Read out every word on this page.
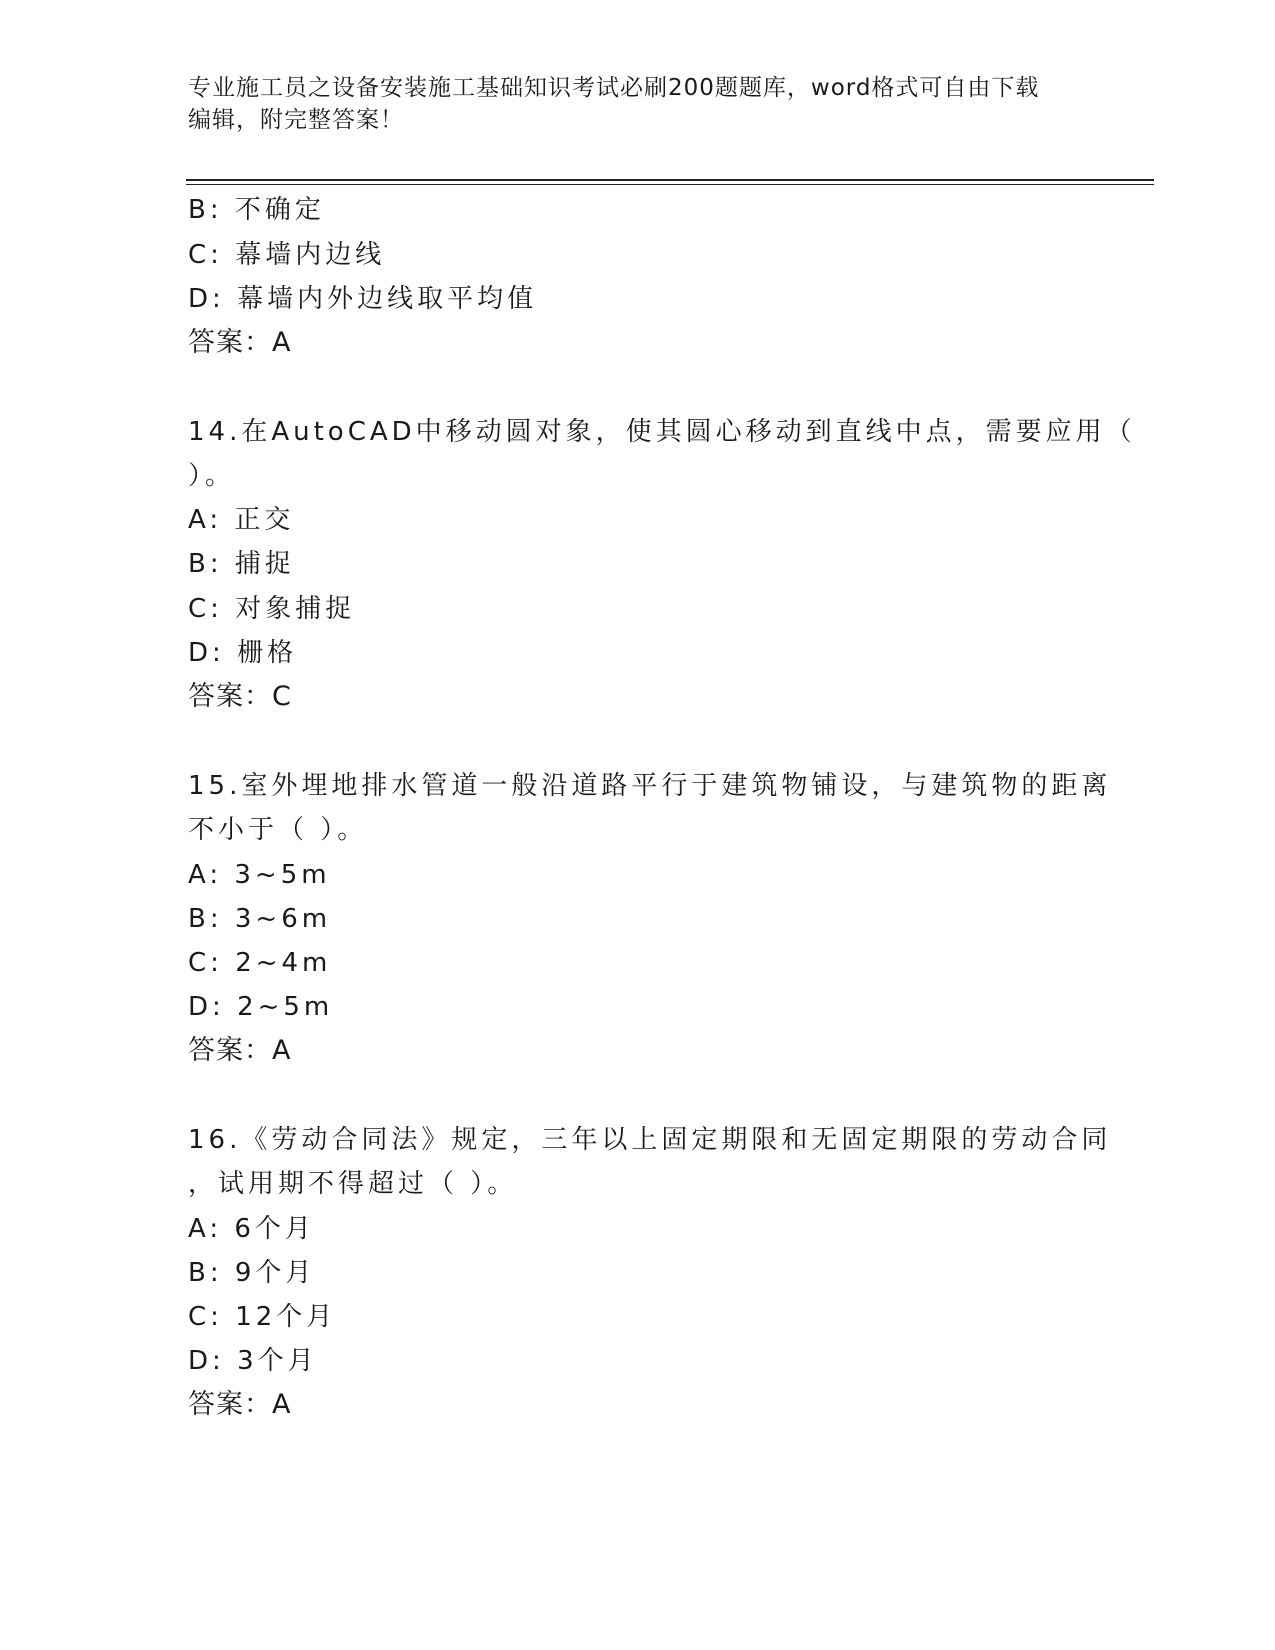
专业施工员之设备安装施工基础知识考试必刷200题题库，word格式可自由下载
编辑，附完整答案！
B: 不确定
C: 幕墙内边线
D: 幕墙内外边线取平均值
答案：A
14.在AutoCAD中移动圆对象，使其圆心移动到直线中点，需要应用（
）。
A: 正交
B: 捕捉
C: 对象捕捉
D: 栅格
答案：C
15.室外埋地排水管道一般沿道路平行于建筑物铺设，与建筑物的距离
不小于（ ）。
A: 3~5m
B: 3~6m
C: 2~4m
D: 2~5m
答案：A
16.《劳动合同法》规定，三年以上固定期限和无固定期限的劳动合同
，试用期不得超过（ ）。
A: 6个月
B: 9个月
C: 12个月
D: 3个月
答案：A
